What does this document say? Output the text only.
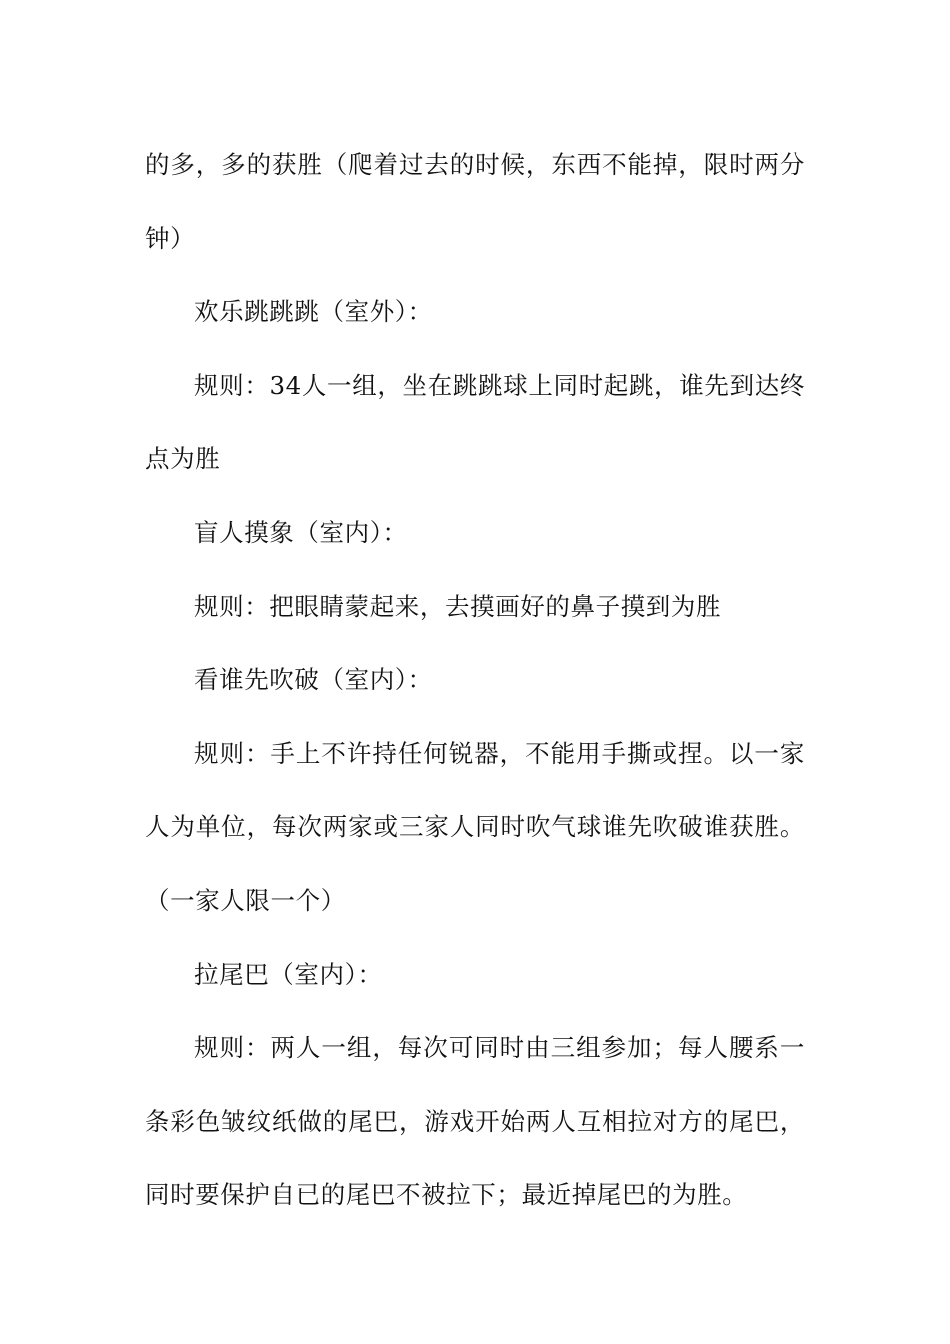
的多，多的获胜（爬着过去的时候，东西不能掉，限时两分钟）

欢乐跳跳跳（室外）：

规则：34人一组，坐在跳跳球上同时起跳，谁先到达终点为胜

盲人摸象（室内）：

规则：把眼睛蒙起来，去摸画好的鼻子摸到为胜

看谁先吹破（室内）：

规则：手上不许持任何锐器，不能用手撕或捏。以一家人为单位，每次两家或三家人同时吹气球谁先吹破谁获胜。（一家人限一个）

拉尾巴（室内）：

规则：两人一组，每次可同时由三组参加；每人腰系一条彩色皱纹纸做的尾巴，游戏开始两人互相拉对方的尾巴，同时要保护自已的尾巴不被拉下；最近掉尾巴的为胜。
